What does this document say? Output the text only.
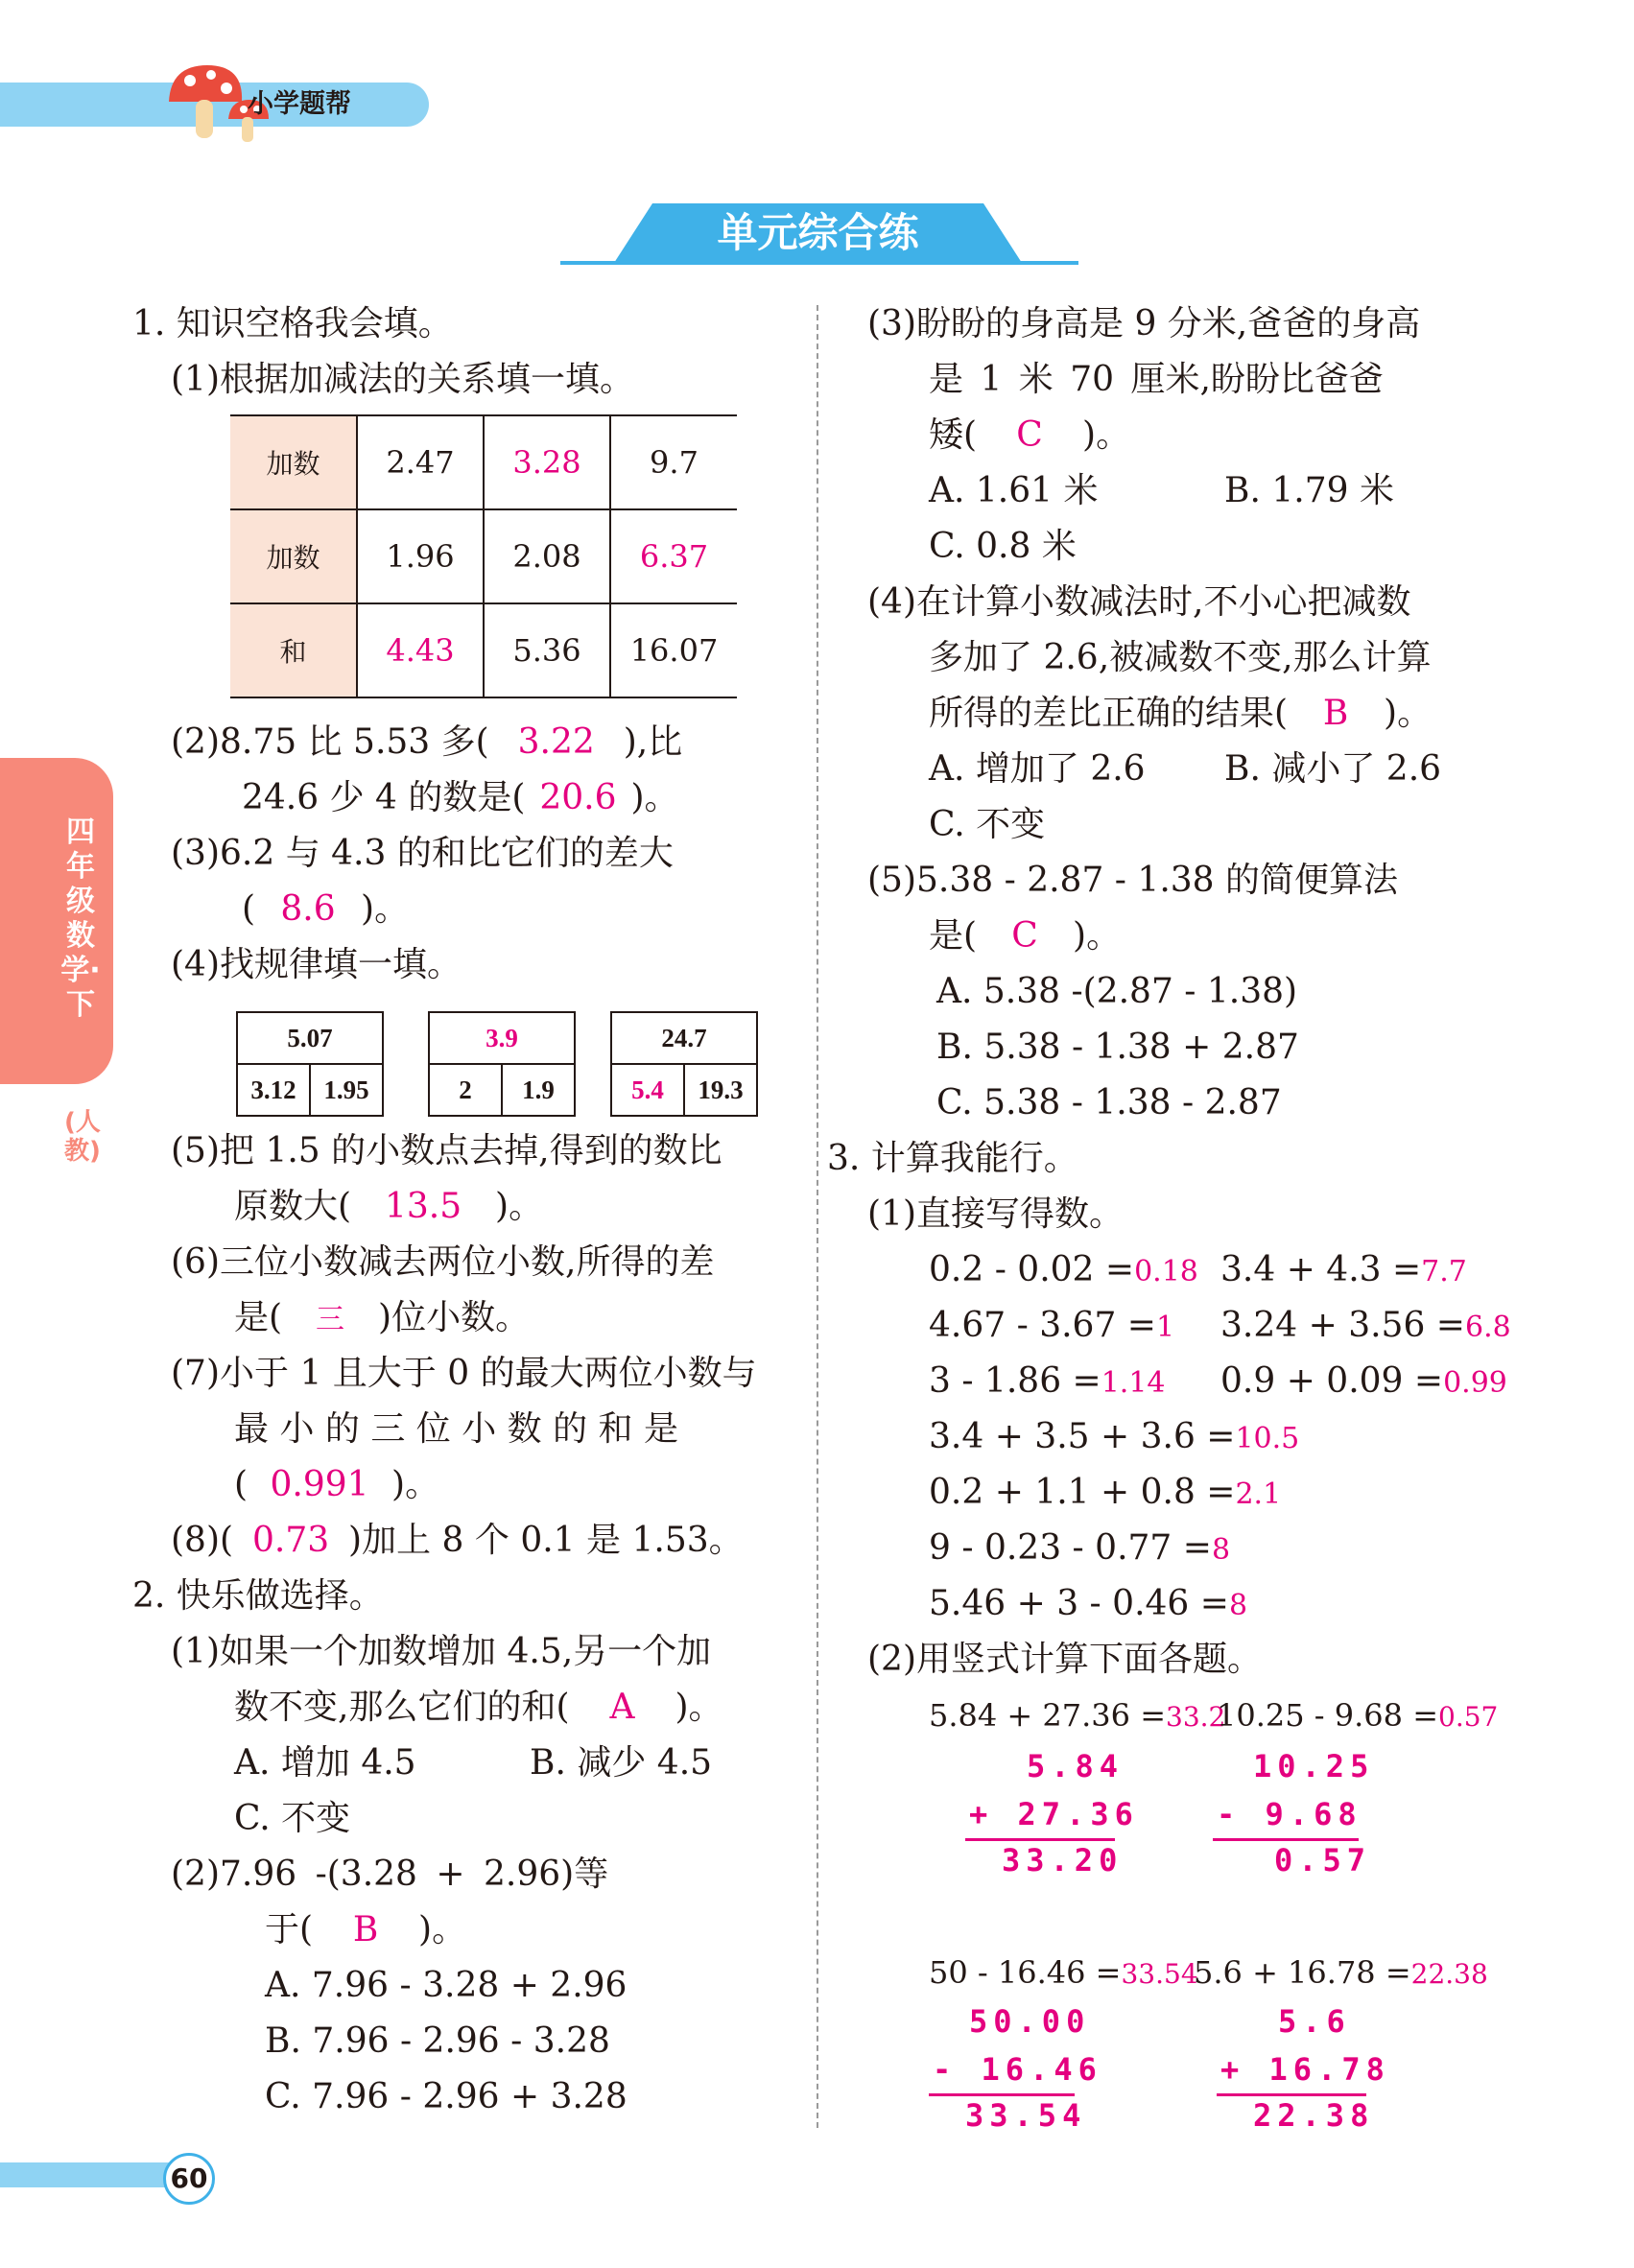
小学题帮
单元综合练
四年级数学·下
(人教)
1. 知识空格我会填。
(1)根据加减法的关系填一填。
加数	2.47	3.28	9.7
加数	1.96	2.08	6.37
和	4.43	5.36	16.07
(2)8.75 比 5.53 多( 3.22 ),比
24.6 少 4 的数是( 20.6 )。
(3)6.2 与 4.3 的和比它们的差大
( 8.6 )。
(4)找规律填一填。
5.07
3.12	1.95
3.9
2	1.9
24.7
5.4	19.3
(5)把 1.5 的小数点去掉,得到的数比
原数大( 13.5 )。
(6)三位小数减去两位小数,所得的差
是( 三 )位小数。
(7)小于 1 且大于 0 的最大两位小数与
最 小 的 三 位 小 数 的 和 是
( 0.991 )。
(8)( 0.73 )加上 8 个 0.1 是 1.53。
2. 快乐做选择。
(1)如果一个加数增加 4.5,另一个加
数不变,那么它们的和( A )。
A. 增加 4.5	B. 减少 4.5
C. 不变
(2)7.96 -(3.28 + 2.96)等
于( B )。
A. 7.96 - 3.28 + 2.96
B. 7.96 - 2.96 - 3.28
C. 7.96 - 2.96 + 3.28
(3)盼盼的身高是 9 分米,爸爸的身高
是 1 米 70 厘米,盼盼比爸爸
矮( C )。
A. 1.61 米	B. 1.79 米
C. 0.8 米
(4)在计算小数减法时,不小心把减数
多加了 2.6,被减数不变,那么计算
所得的差比正确的结果( B )。
A. 增加了 2.6 B. 减小了 2.6
C. 不变
(5)5.38 - 2.87 - 1.38 的简便算法
是( C )。
A. 5.38 -(2.87 - 1.38)
B. 5.38 - 1.38 + 2.87
C. 5.38 - 1.38 - 2.87
3. 计算我能行。
(1)直接写得数。
0.2 - 0.02 =0.18 3.4 + 4.3 =7.7
4.67 - 3.67 =1 3.24 + 3.56 =6.8
3 - 1.86 =1.14 0.9 + 0.09 =0.99
3.4 + 3.5 + 3.6 =10.5
0.2 + 1.1 + 0.8 =2.1
9 - 0.23 - 0.77 =8
5.46 + 3 - 0.46 =8
(2)用竖式计算下面各题。
5.84 + 27.36 =33.2
10.25 - 9.68 =0.57
5.84
+ 27.36
33.20
10.25
- 9.68
0.57
50 - 16.46 =33.54
5.6 + 16.78 =22.38
50.00
- 16.46
33.54
5.6
+ 16.78
22.38
60
